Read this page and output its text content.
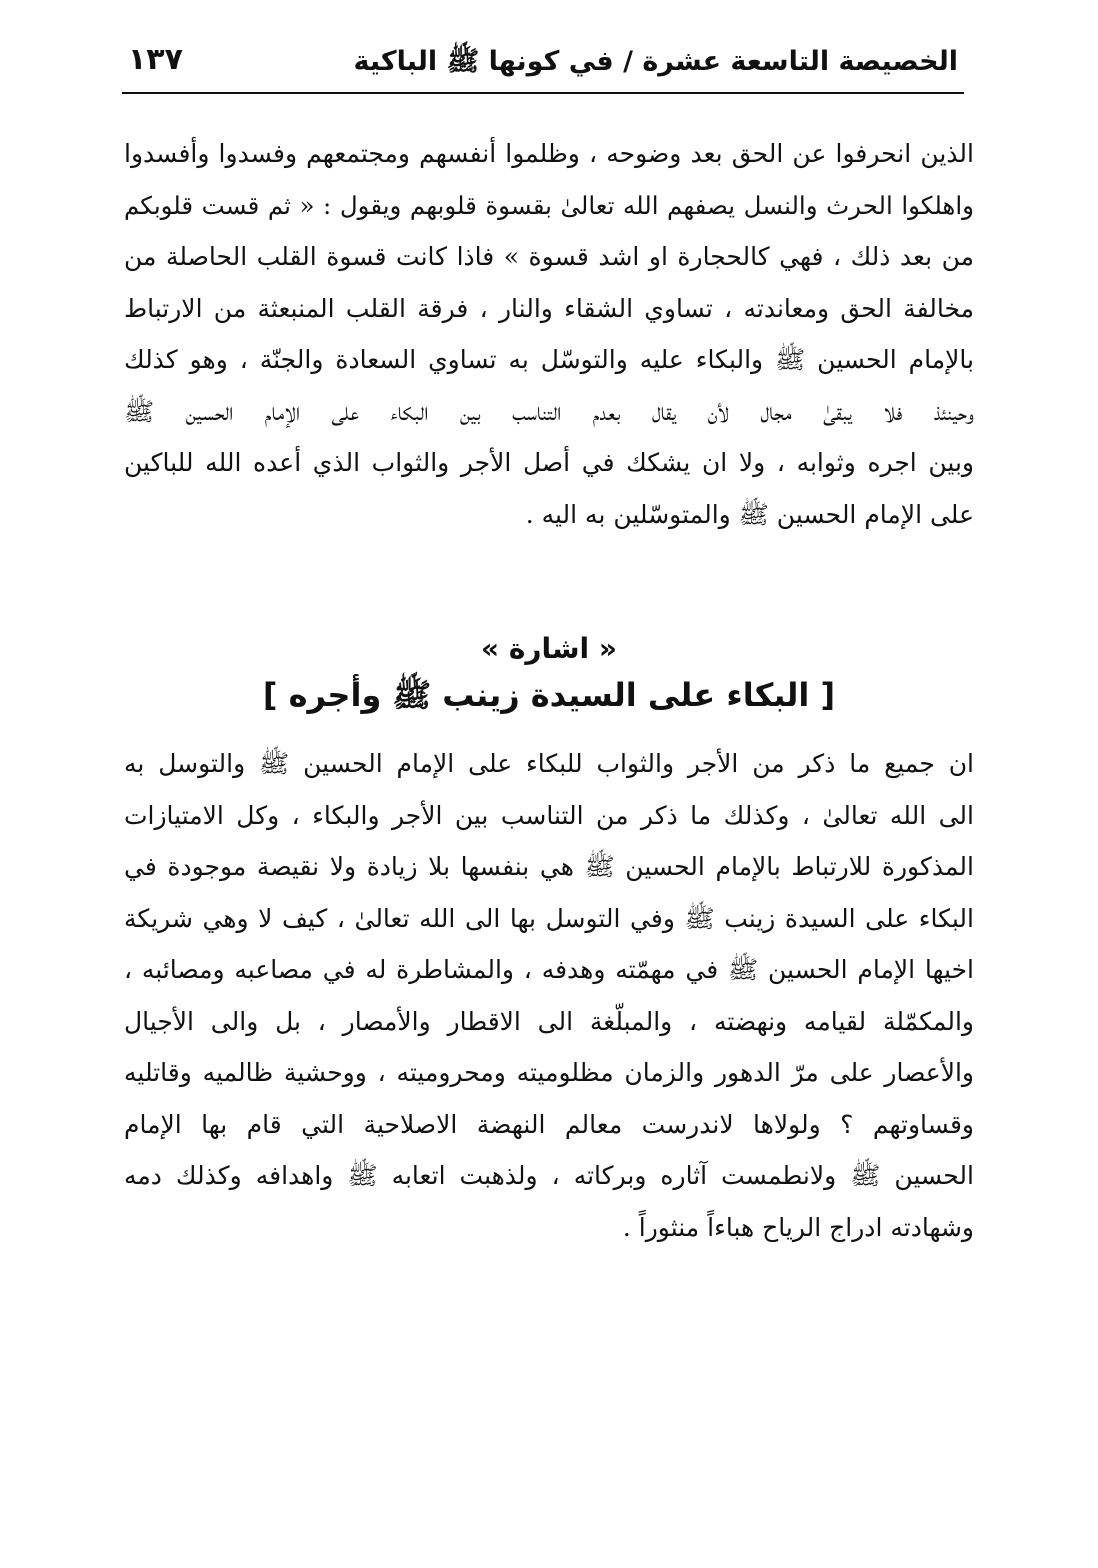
الخصيصة التاسعة عشرة / في كونها ﷺ الباكية
١٣٧
الذين انحرفوا عن الحق بعد وضوحه ، وظلموا أنفسهم ومجتمعهم وفسدوا وأفسدوا
واهلكوا الحرث والنسل يصفهم الله تعالىٰ بقسوة قلوبهم ويقول : « ثم قست قلوبكم
من بعد ذلك ، فهي كالحجارة او اشد قسوة » فاذا كانت قسوة القلب الحاصلة من
مخالفة الحق ومعاندته ، تساوي الشقاء والنار ، فرقة القلب المنبعثة من الارتباط
بالإمام الحسين ﷺ والبكاء عليه والتوسّل به تساوي السعادة والجنّة ، وهو كذلك
وحينئذ فلا يبقىٰ مجال لأن يقال بعدم التناسب بين البكاء على الإمام الحسين ﷺ
وبين اجره وثوابه ، ولا ان يشكك في أصل الأجر والثواب الذي أعده الله للباكين
على الإمام الحسين ﷺ والمتوسّلين به اليه .
« اشارة »
[ البكاء على السيدة زينب ﷺ وأجره ]
ان جميع ما ذكر من الأجر والثواب للبكاء على الإمام الحسين ﷺ والتوسل به
الى الله تعالىٰ ، وكذلك ما ذكر من التناسب بين الأجر والبكاء ، وكل الامتيازات
المذكورة للارتباط بالإمام الحسين ﷺ هي بنفسها بلا زيادة ولا نقيصة موجودة في
البكاء على السيدة زينب ﷺ وفي التوسل بها الى الله تعالىٰ ، كيف لا وهي شريكة
اخيها الإمام الحسين ﷺ في مهمّته وهدفه ، والمشاطرة له في مصاعبه ومصائبه ،
والمكمّلة لقيامه ونهضته ، والمبلّغة الى الاقطار والأمصار ، بل والى الأجيال
والأعصار على مرّ الدهور والزمان مظلوميته ومحروميته ، ووحشية ظالميه وقاتليه
وقساوتهم ؟ ولولاها لاندرست معالم النهضة الاصلاحية التي قام بها الإمام
الحسين ﷺ ولانطمست آثاره وبركاته ، ولذهبت اتعابه ﷺ واهدافه وكذلك دمه
وشهادته ادراج الرياح هباءاً منثوراً .
